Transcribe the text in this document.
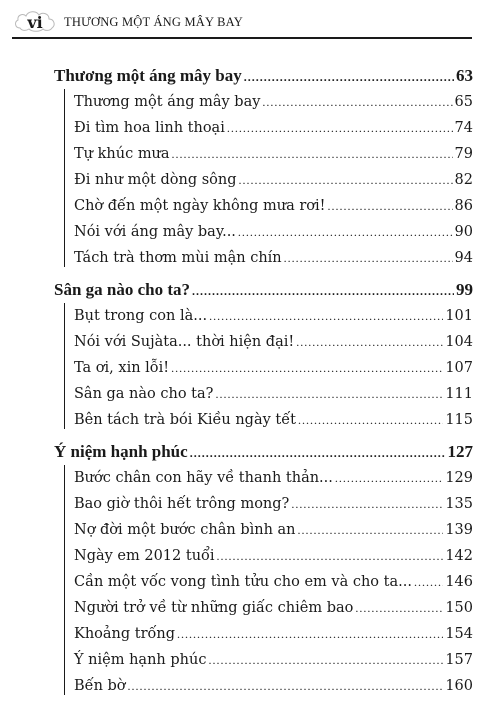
vi THƯƠNG MỘT ÁNG MÂY BAY
Thương một áng mây bay .....	63
Thương một áng mây bay .....	65
Đi tìm hoa linh thoại .....	74
Tự khúc mưa .....	79
Đi như một dòng sông .....	82
Chờ đến một ngày không mưa rơi! .....	86
Nói với áng mây bay... .....	90
Tách trà thơm mùi mận chín .....	94
Sân ga nào cho ta? .....	99
Bụt trong con là... .....	101
Nói với Sujàta... thời hiện đại! .....	104
Ta ơi, xin lỗi! .....	107
Sân ga nào cho ta? .....	111
Bên tách trà bói Kiều ngày tết .....	115
Ý niệm hạnh phúc .....	127
Bước chân con hãy về thanh thản... .....	129
Bao giờ thôi hết trông mong? .....	135
Nợ đời một bước chân bình an .....	139
Ngày em 2012 tuổi .....	142
Cần một vốc vong tình tửu cho em và cho ta... ..... 146
Người trở về từ những giấc chiêm bao .....	150
Khoảng trống .....	154
Ý niệm hạnh phúc .....	157
Bến bờ .....	160
